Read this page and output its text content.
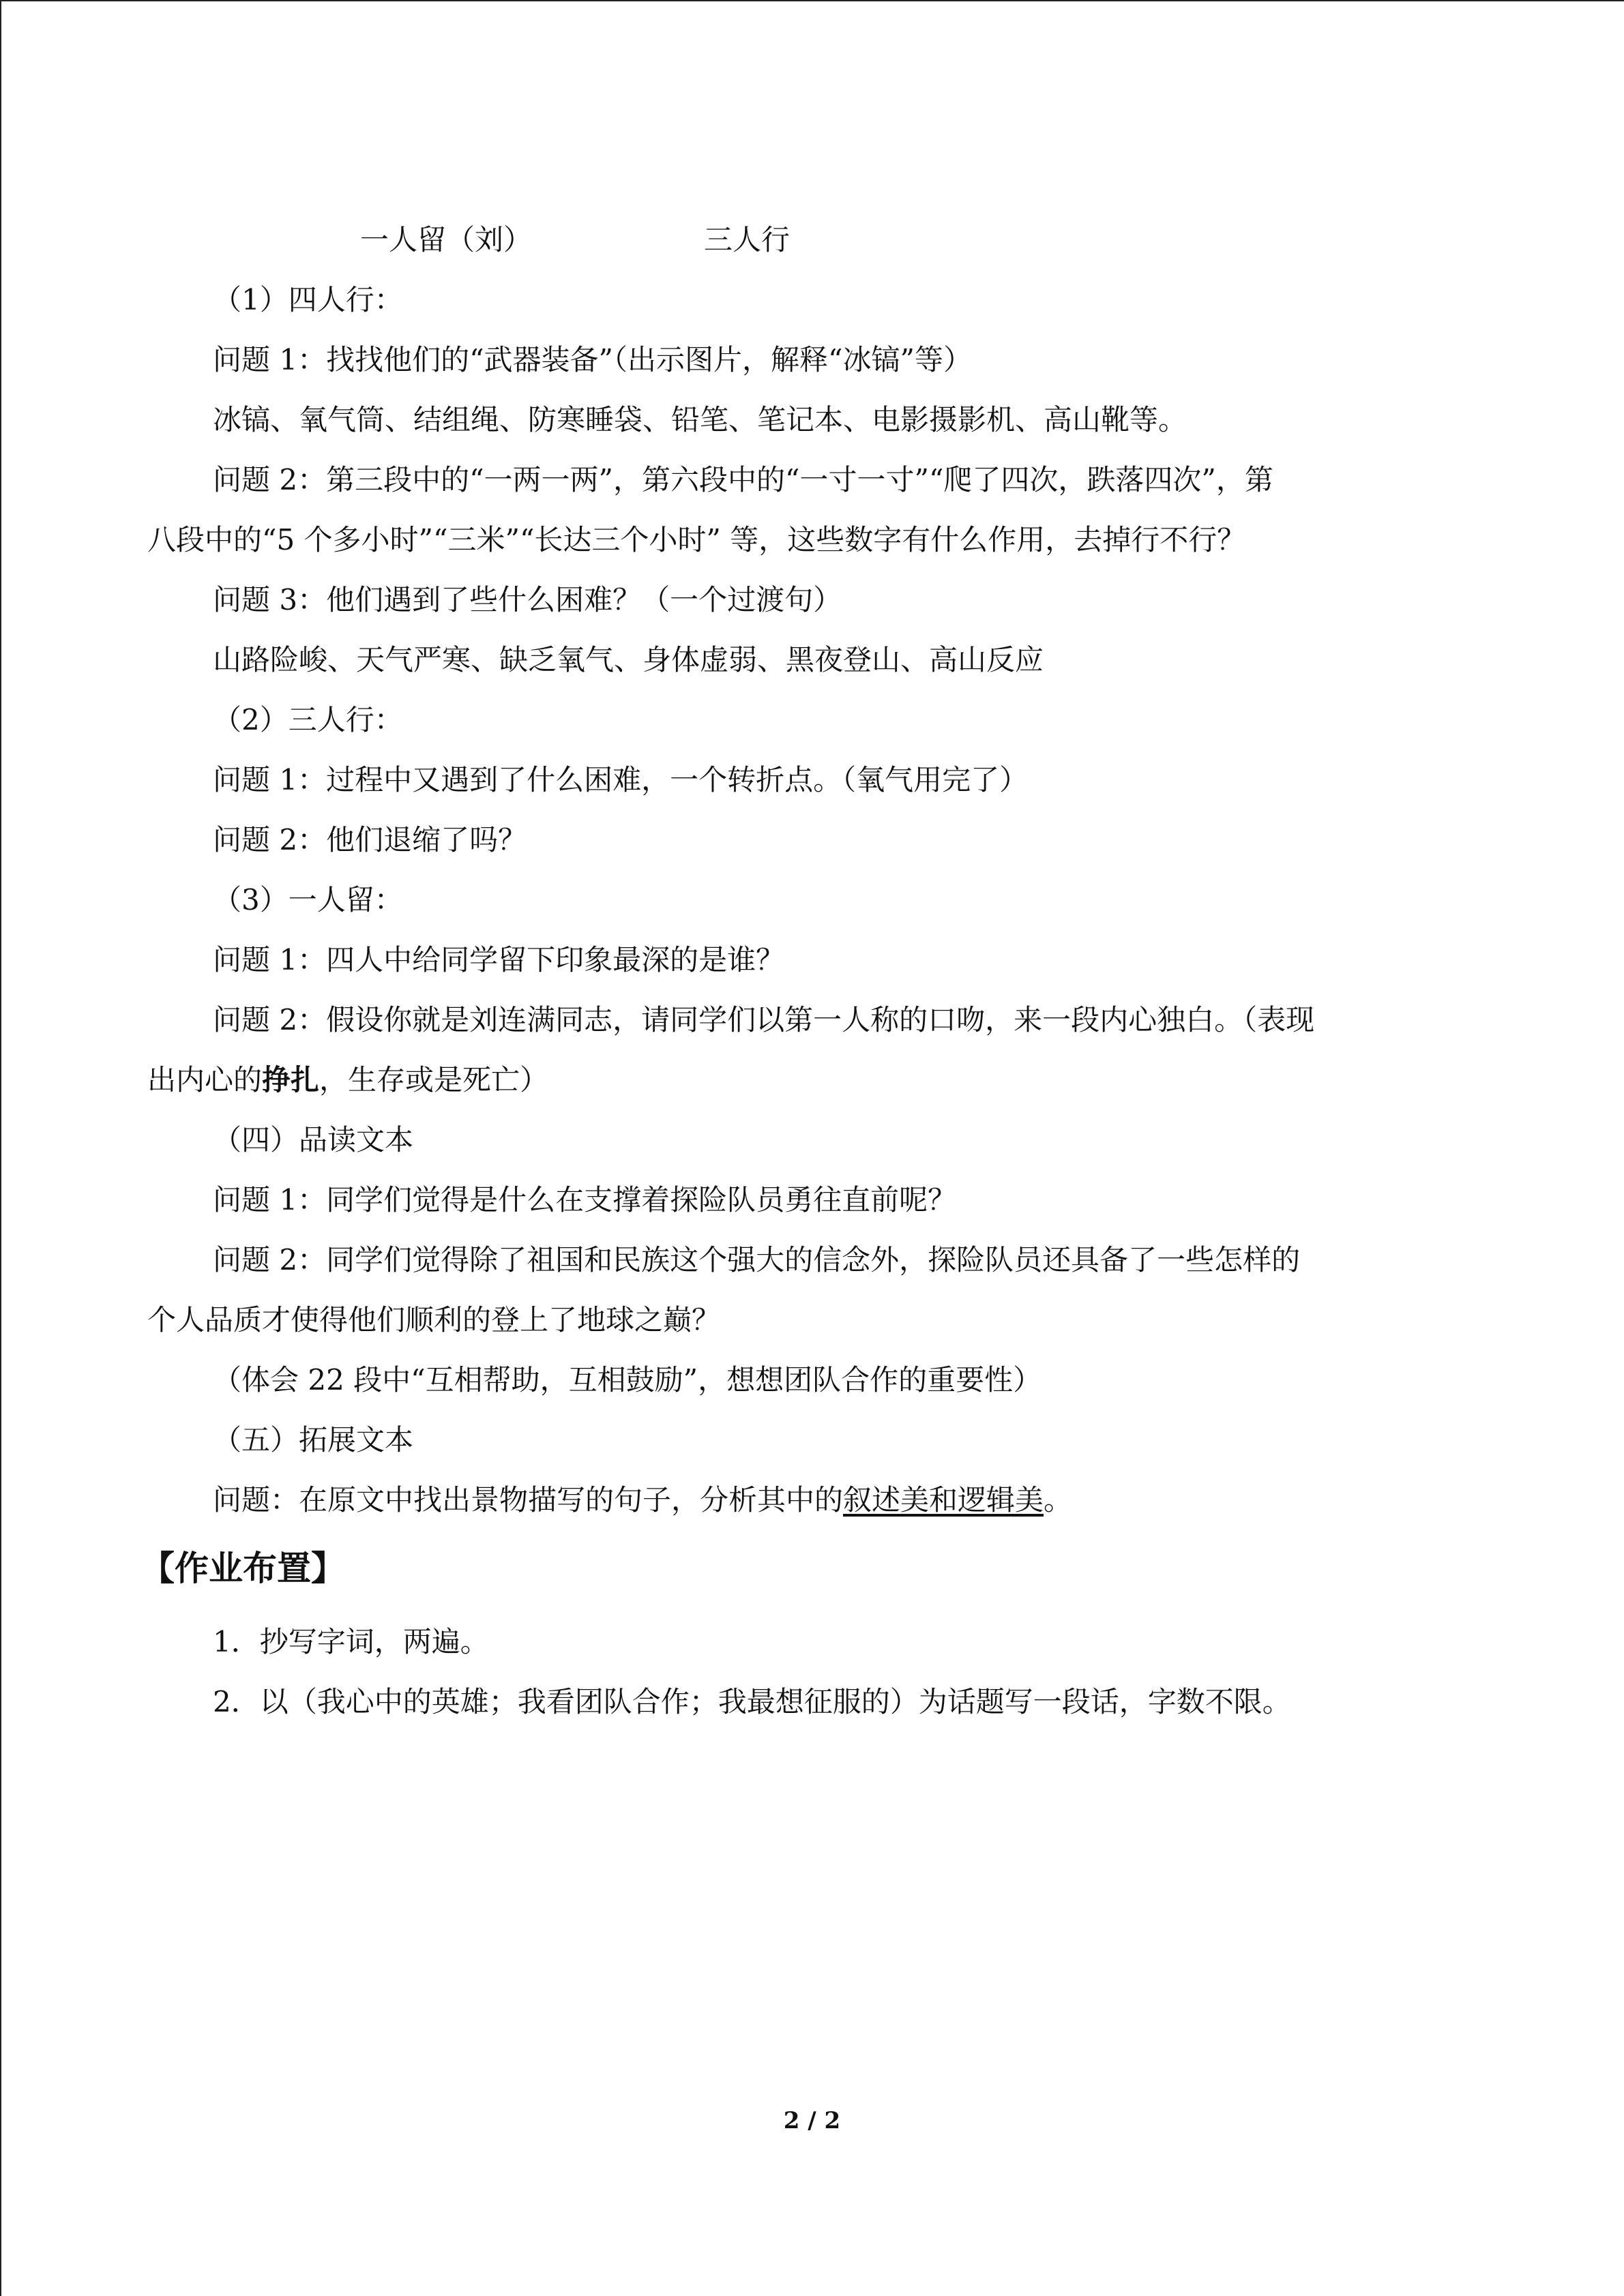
一人留（刘）	三人行
（1）四人行：
问题 1：找找他们的“武器装备”（出示图片，解释“冰镐”等）
冰镐、氧气筒、结组绳、防寒睡袋、铅笔、笔记本、电影摄影机、高山靴等。
问题 2：第三段中的“一两一两”，第六段中的“一寸一寸”“爬了四次，跌落四次”，第
八段中的“5 个多小时”“三米”“长达三个小时” 等，这些数字有什么作用，去掉行不行？
问题 3：他们遇到了些什么困难？（一个过渡句）
山路险峻、天气严寒、缺乏氧气、身体虚弱、黑夜登山、高山反应
（2）三人行：
问题 1：过程中又遇到了什么困难，一个转折点。（氧气用完了）
问题 2：他们退缩了吗？
（3）一人留：
问题 1：四人中给同学留下印象最深的是谁？
问题 2：假设你就是刘连满同志，请同学们以第一人称的口吻，来一段内心独白。（表现
出内心的挣扎，生存或是死亡）
（四）品读文本
问题 1：同学们觉得是什么在支撑着探险队员勇往直前呢？
问题 2：同学们觉得除了祖国和民族这个强大的信念外，探险队员还具备了一些怎样的
个人品质才使得他们顺利的登上了地球之巅？
（体会 22 段中“互相帮助，互相鼓励”，想想团队合作的重要性）
（五）拓展文本
问题：在原文中找出景物描写的句子，分析其中的叙述美和逻辑美。
【作业布置】
1．抄写字词，两遍。
2．以（我心中的英雄；我看团队合作；我最想征服的）为话题写一段话，字数不限。
2 / 2
